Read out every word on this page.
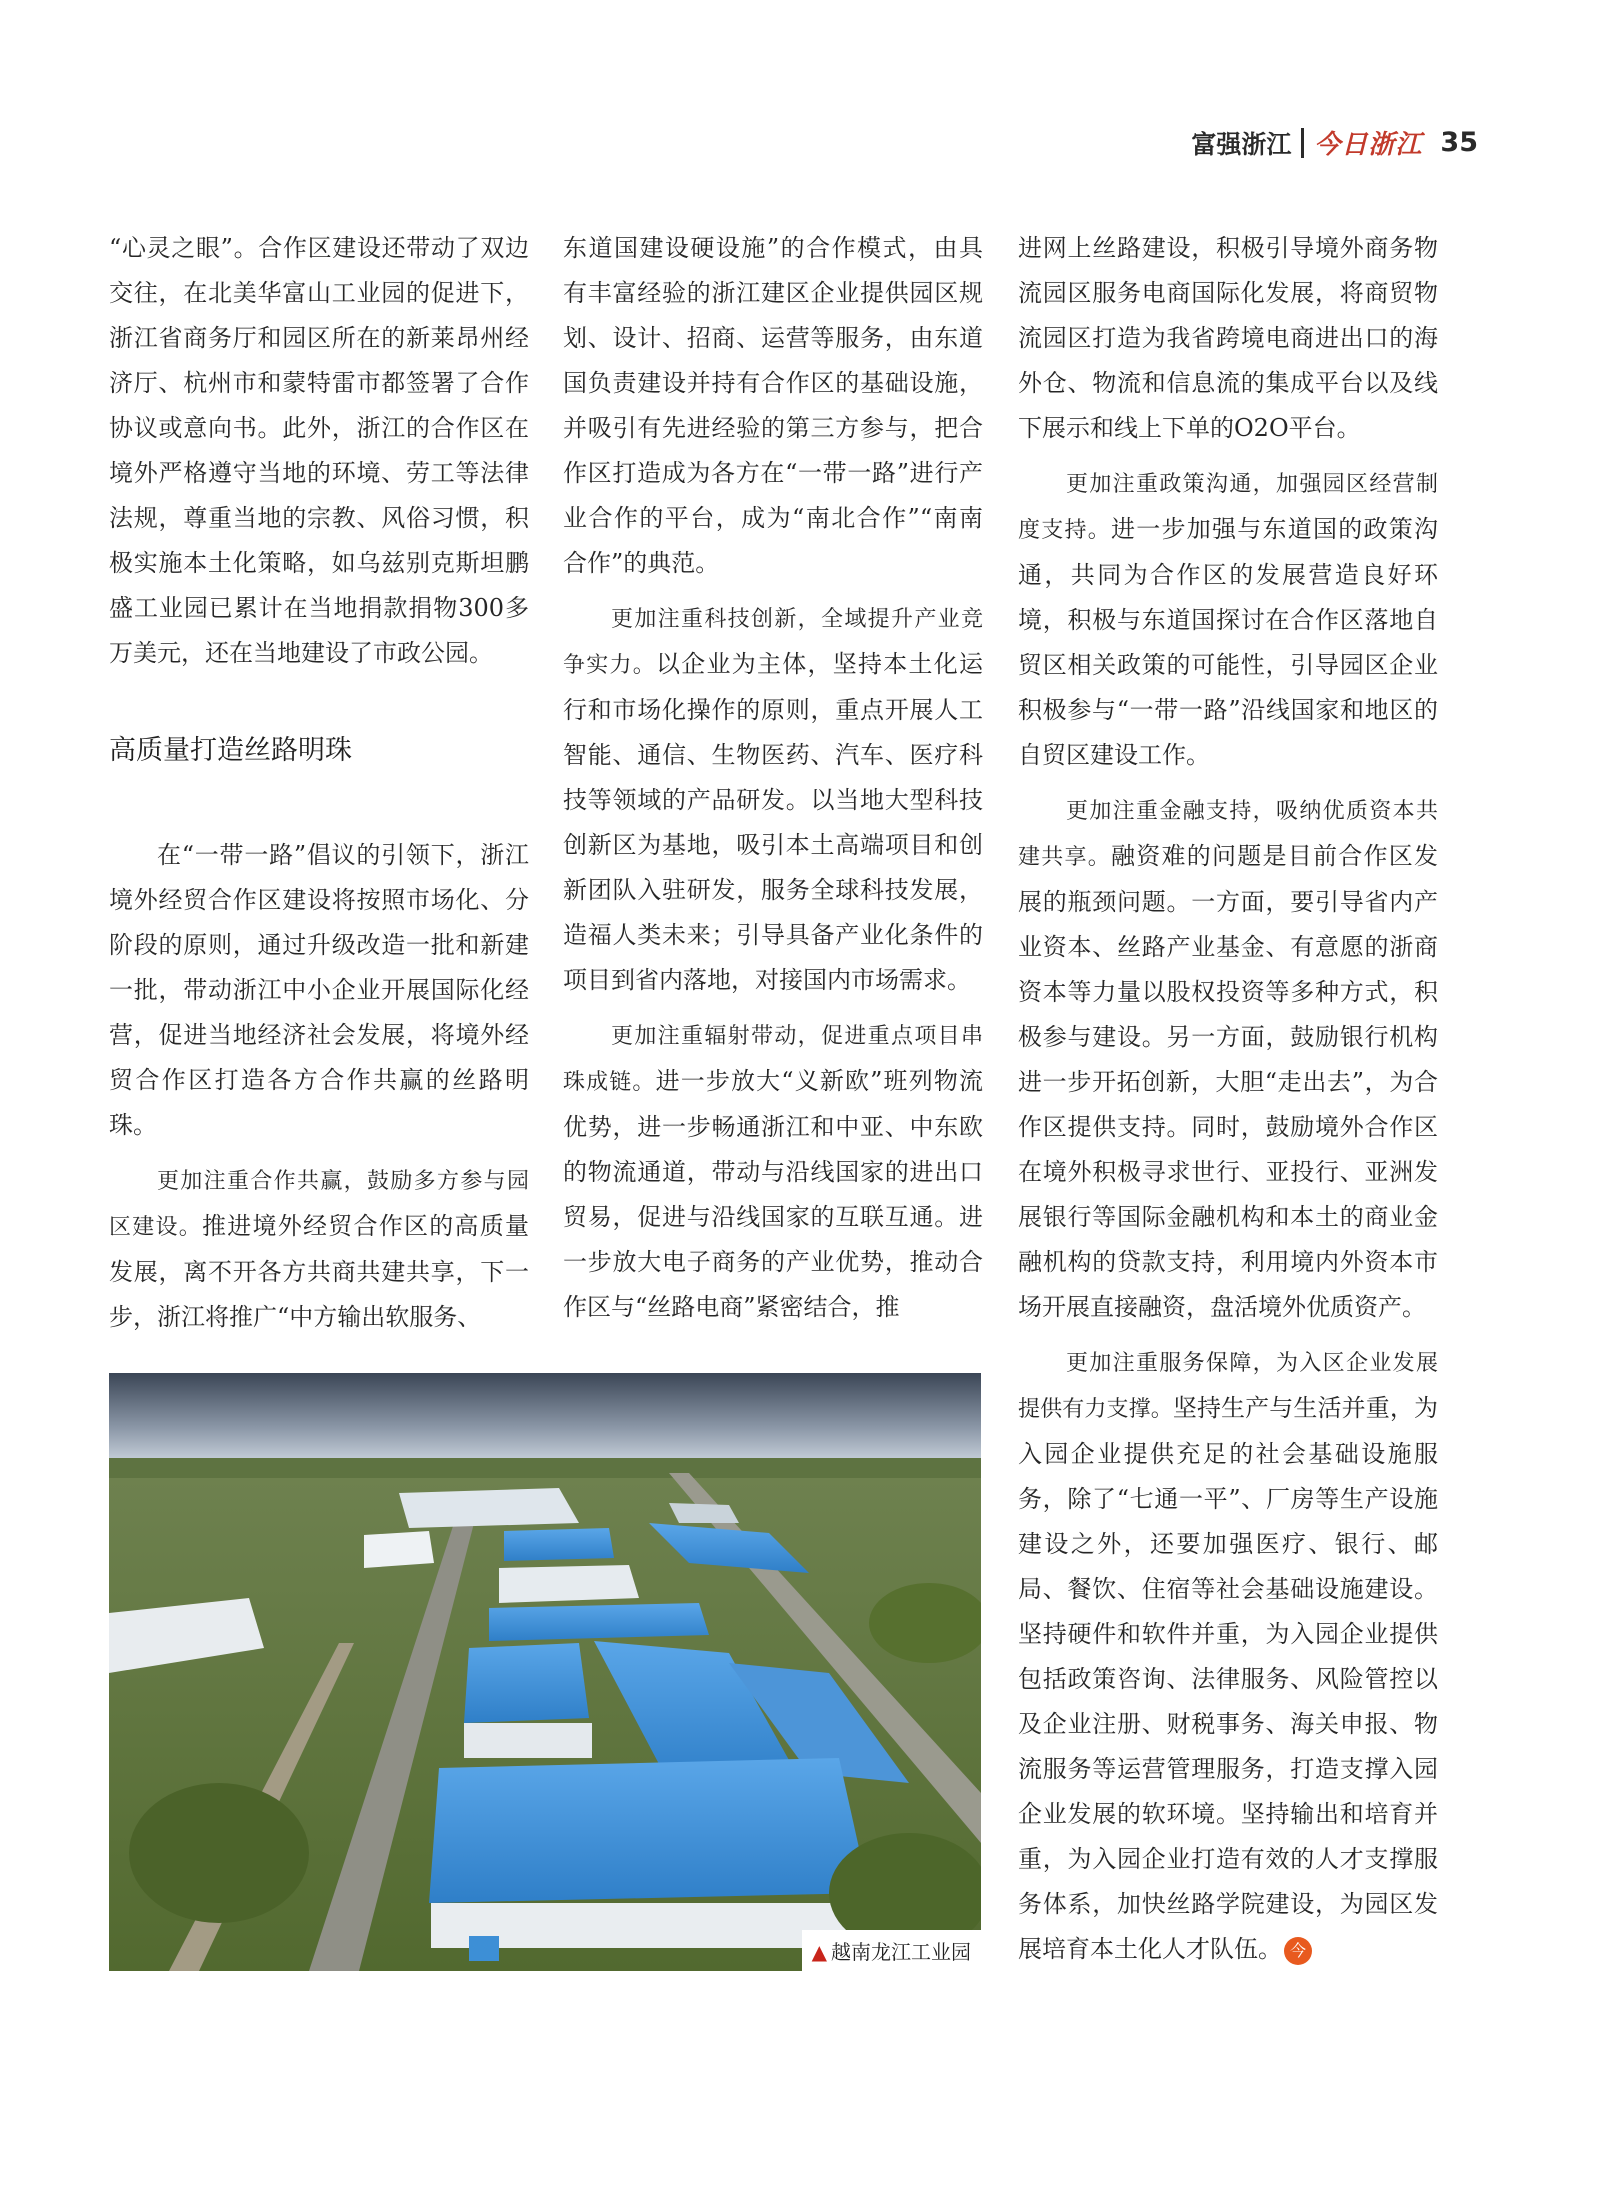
富强浙江 今日浙江 35

“心灵之眼”。合作区建设还带动了双边交往，在北美华富山工业园的促进下，浙江省商务厅和园区所在的新莱昂州经济厅、杭州市和蒙特雷市都签署了合作协议或意向书。此外，浙江的合作区在境外严格遵守当地的环境、劳工等法律法规，尊重当地的宗教、风俗习惯，积极实施本土化策略，如乌兹别克斯坦鹏盛工业园已累计在当地捐款捐物300多万美元，还在当地建设了市政公园。

高质量打造丝路明珠

在“一带一路”倡议的引领下，浙江境外经贸合作区建设将按照市场化、分阶段的原则，通过升级改造一批和新建一批，带动浙江中小企业开展国际化经营，促进当地经济社会发展，将境外经贸合作区打造各方合作共赢的丝路明珠。

更加注重合作共赢，鼓励多方参与园区建设。推进境外经贸合作区的高质量发展，离不开各方共商共建共享，下一步，浙江将推广“中方输出软服务、

东道国建设硬设施”的合作模式，由具有丰富经验的浙江建区企业提供园区规划、设计、招商、运营等服务，由东道国负责建设并持有合作区的基础设施，并吸引有先进经验的第三方参与，把合作区打造成为各方在“一带一路”进行产业合作的平台，成为“南北合作”“南南合作”的典范。

更加注重科技创新，全域提升产业竞争实力。以企业为主体，坚持本土化运行和市场化操作的原则，重点开展人工智能、通信、生物医药、汽车、医疗科技等领域的产品研发。以当地大型科技创新区为基地，吸引本土高端项目和创新团队入驻研发，服务全球科技发展，造福人类未来；引导具备产业化条件的项目到省内落地，对接国内市场需求。

更加注重辐射带动，促进重点项目串珠成链。进一步放大“义新欧”班列物流优势，进一步畅通浙江和中亚、中东欧的物流通道，带动与沿线国家的进出口贸易，促进与沿线国家的互联互通。进一步放大电子商务的产业优势，推动合作区与“丝路电商”紧密结合，推

进网上丝路建设，积极引导境外商务物流园区服务电商国际化发展，将商贸物流园区打造为我省跨境电商进出口的海外仓、物流和信息流的集成平台以及线下展示和线上下单的O2O平台。

更加注重政策沟通，加强园区经营制度支持。进一步加强与东道国的政策沟通，共同为合作区的发展营造良好环境，积极与东道国探讨在合作区落地自贸区相关政策的可能性，引导园区企业积极参与“一带一路”沿线国家和地区的自贸区建设工作。

更加注重金融支持，吸纳优质资本共建共享。融资难的问题是目前合作区发展的瓶颈问题。一方面，要引导省内产业资本、丝路产业基金、有意愿的浙商资本等力量以股权投资等多种方式，积极参与建设。另一方面，鼓励银行机构进一步开拓创新，大胆“走出去”，为合作区提供支持。同时，鼓励境外合作区在境外积极寻求世行、亚投行、亚洲发展银行等国际金融机构和本土的商业金融机构的贷款支持，利用境内外资本市场开展直接融资，盘活境外优质资产。

更加注重服务保障，为入区企业发展提供有力支撑。坚持生产与生活并重，为入园企业提供充足的社会基础设施服务，除了“七通一平”、厂房等生产设施建设之外，还要加强医疗、银行、邮局、餐饮、住宿等社会基础设施建设。坚持硬件和软件并重，为入园企业提供包括政策咨询、法律服务、风险管控以及企业注册、财税事务、海关申报、物流服务等运营管理服务，打造支撑入园企业发展的软环境。坚持输出和培育并重，为入园企业打造有效的人才支撑服务体系，加快丝路学院建设，为园区发展培育本土化人才队伍。 今

▲ 越南龙江工业园
